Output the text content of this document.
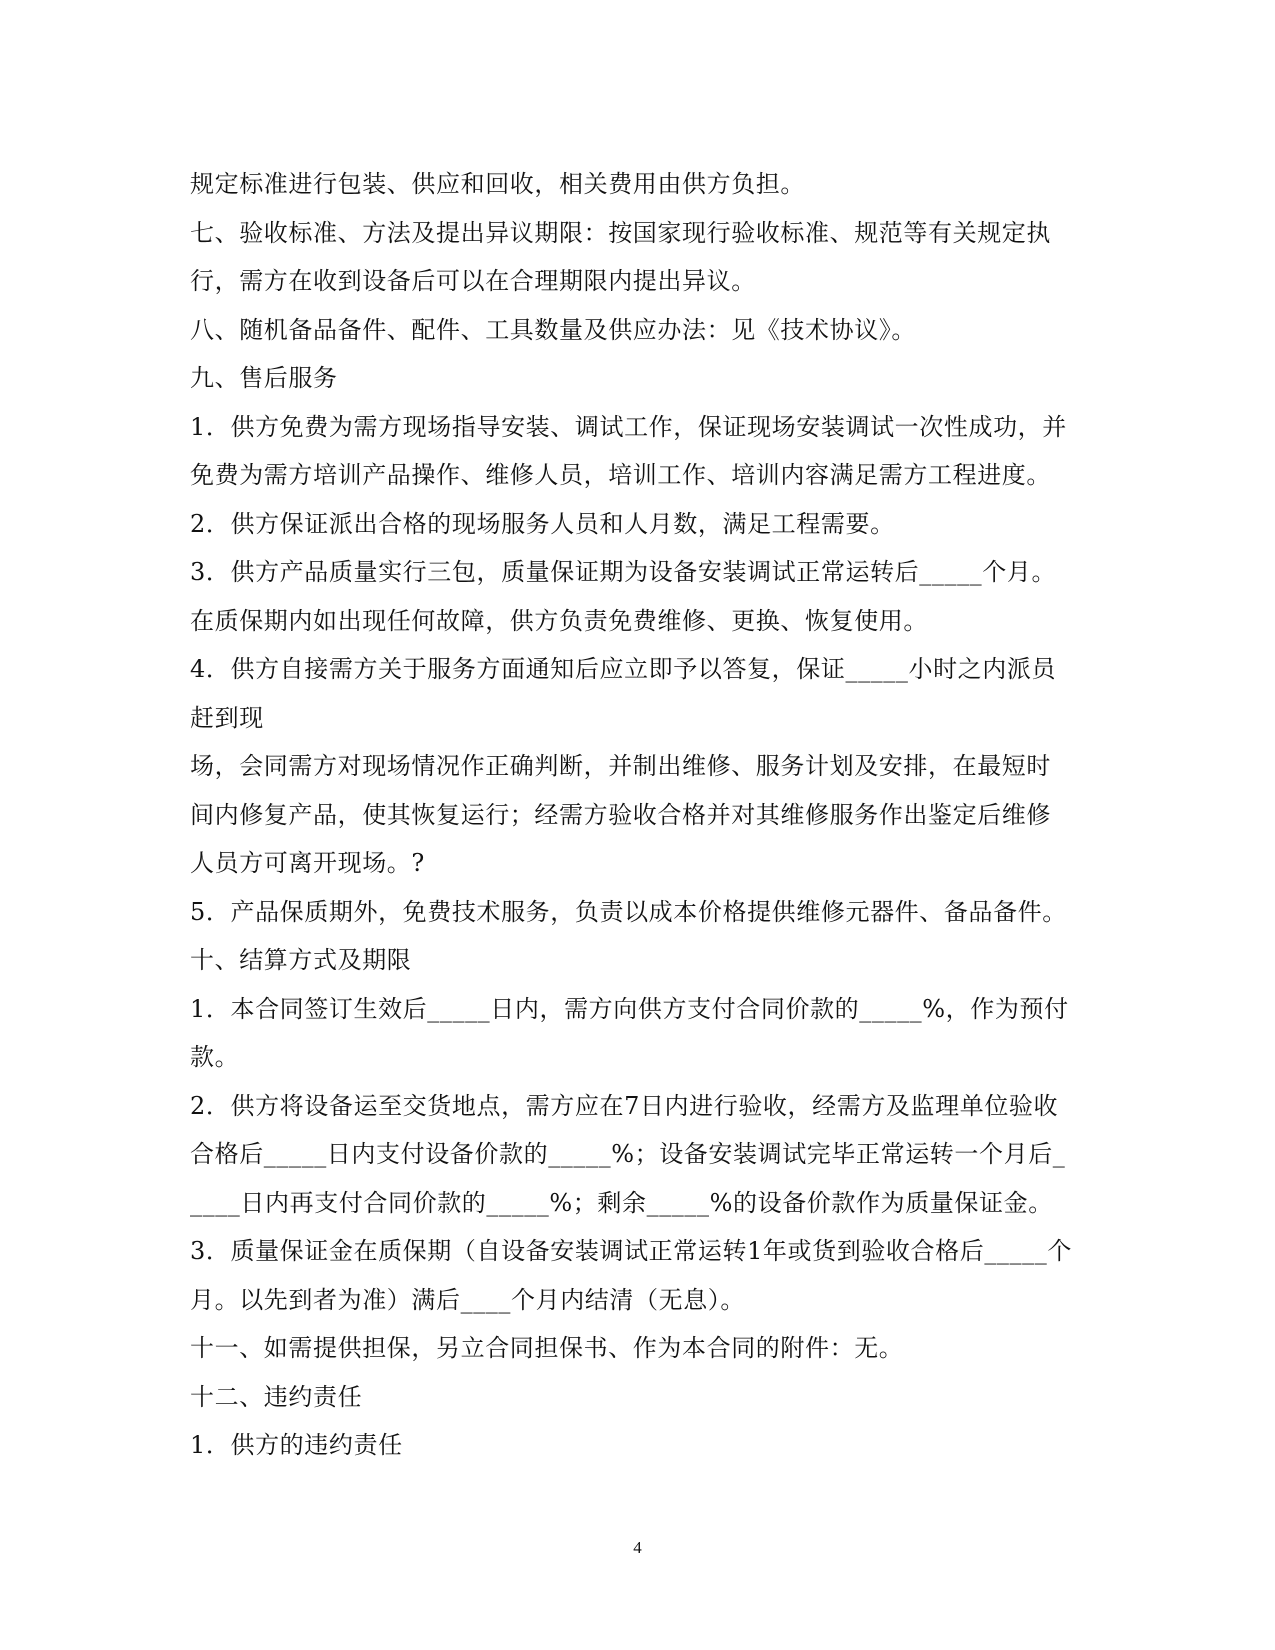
规定标准进行包装、供应和回收，相关费用由供方负担。
七、验收标准、方法及提出异议期限：按国家现行验收标准、规范等有关规定执
行，需方在收到设备后可以在合理期限内提出异议。
八、随机备品备件、配件、工具数量及供应办法：见《技术协议》。
九、售后服务
1．供方免费为需方现场指导安装、调试工作，保证现场安装调试一次性成功，并
免费为需方培训产品操作、维修人员，培训工作、培训内容满足需方工程进度。
2．供方保证派出合格的现场服务人员和人月数，满足工程需要。
3．供方产品质量实行三包，质量保证期为设备安装调试正常运转后_____个月。
在质保期内如出现任何故障，供方负责免费维修、更换、恢复使用。
4．供方自接需方关于服务方面通知后应立即予以答复，保证_____小时之内派员
赶到现
场，会同需方对现场情况作正确判断，并制出维修、服务计划及安排，在最短时
间内修复产品，使其恢复运行；经需方验收合格并对其维修服务作出鉴定后维修
人员方可离开现场。?
5．产品保质期外，免费技术服务，负责以成本价格提供维修元器件、备品备件。
十、结算方式及期限
1．本合同签订生效后_____日内，需方向供方支付合同价款的_____%，作为预付
款。
2．供方将设备运至交货地点，需方应在7日内进行验收，经需方及监理单位验收
合格后_____日内支付设备价款的_____%；设备安装调试完毕正常运转一个月后_
____日内再支付合同价款的_____%；剩余_____%的设备价款作为质量保证金。
3．质量保证金在质保期（自设备安装调试正常运转1年或货到验收合格后_____个
月。以先到者为准）满后____个月内结清（无息）。
十一、如需提供担保，另立合同担保书、作为本合同的附件：无。
十二、违约责任
1．供方的违约责任
4
